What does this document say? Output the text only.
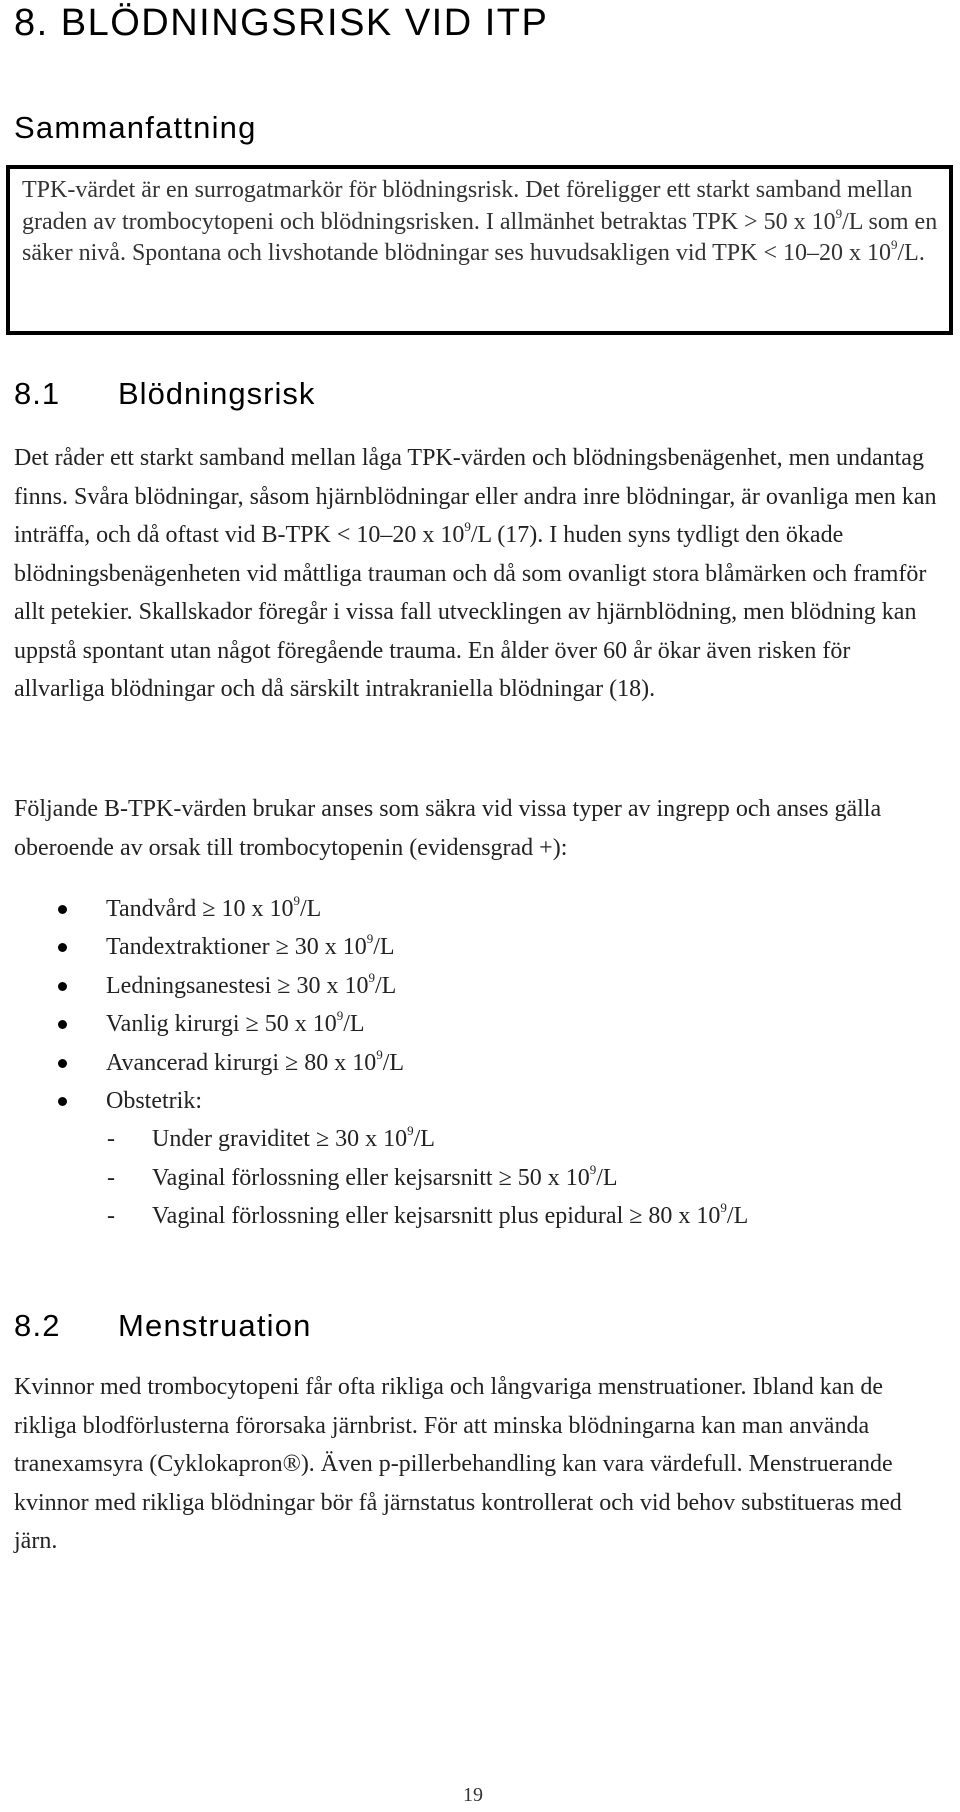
8. BLÖDNINGSRISK VID ITP
Sammanfattning
TPK-värdet är en surrogatmarkör för blödningsrisk. Det föreligger ett starkt samband mellan graden av trombocytopeni och blödningsrisken. I allmänhet betraktas TPK > 50 x $10^9/L$ som en säker nivå. Spontana och livshotande blödningar ses huvudsakligen vid TPK < 10–20 x $10^9/L$.
8.1 Blödningsrisk
Det råder ett starkt samband mellan låga TPK-värden och blödningsbenägenhet, men undantag finns. Svåra blödningar, såsom hjärnblödningar eller andra inre blödningar, är ovanliga men kan inträffa, och då oftast vid B-TPK < 10–20 x $10^9/L$ (17). I huden syns tydligt den ökade blödningsbenägenheten vid måttliga trauman och då som ovanligt stora blåmärken och framför allt petekier. Skallskador föregår i vissa fall utvecklingen av hjärnblödning, men blödning kan uppstå spontant utan något föregående trauma. En ålder över 60 år ökar även risken för allvarliga blödningar och då särskilt intrakraniella blödningar (18).
Följande B-TPK-värden brukar anses som säkra vid vissa typer av ingrepp och anses gälla oberoende av orsak till trombocytopenin (evidensgrad +):
Tandvård ≥ 10 x $10^9/L$
Tandextraktioner ≥ 30 x $10^9/L$
Ledningsanestesi ≥ 30 x $10^9/L$
Vanlig kirurgi ≥ 50 x $10^9/L$
Avancerad kirurgi ≥ 80 x $10^9/L$
Obstetrik:
- Under graviditet ≥ 30 x $10^9/L$
- Vaginal förlossning eller kejsarsnitt ≥ 50 x $10^9/L$
- Vaginal förlossning eller kejsarsnitt plus epidural ≥ 80 x $10^9/L$
8.2 Menstruation
Kvinnor med trombocytopeni får ofta rikliga och långvariga menstruationer. Ibland kan de rikliga blodförlusterna förorsaka järnbrist. För att minska blödningarna kan man använda tranexamsyra (Cyklokapron®). Även p-pillerbehandling kan vara värdefull. Menstruerande kvinnor med rikliga blödningar bör få järnstatus kontrollerat och vid behov substitueras med järn.
19
